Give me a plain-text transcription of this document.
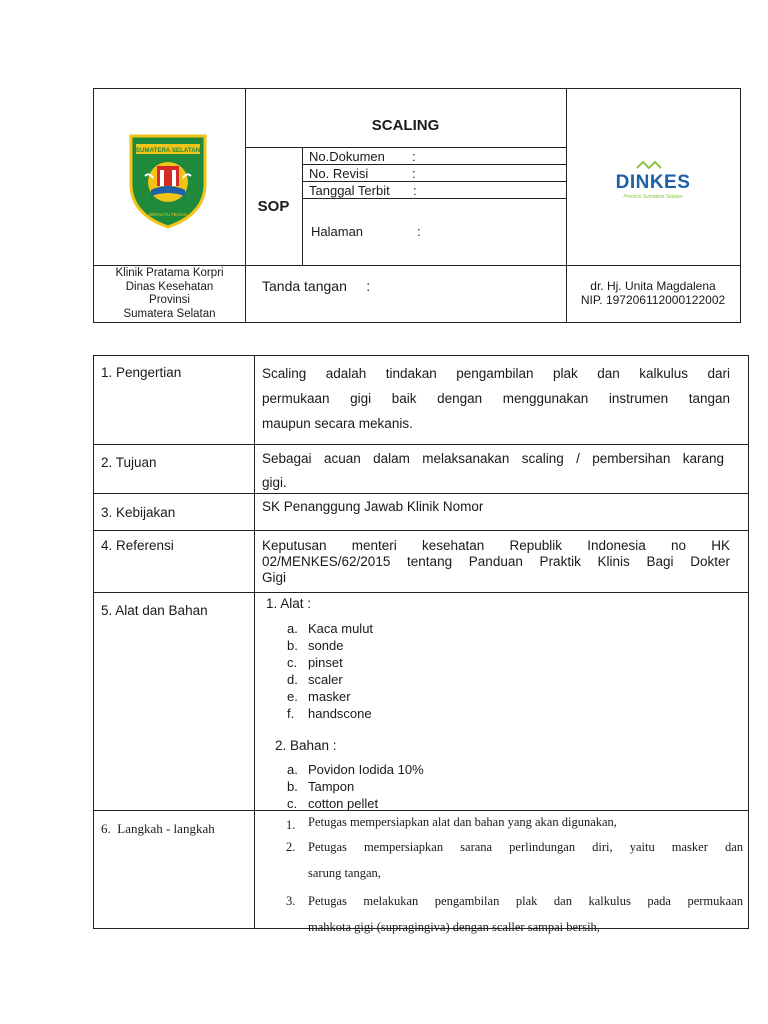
SUMATERA SELATAN
BERSATU TEGUH
SCALING
SOP
No.Dokumen :
No. Revisi	:
Tanggal Terbit :
Halaman	:
DINKES
Provinsi Sumatera Selatan
Klinik Pratama Korpri
Dinas Kesehatan
Provinsi
Sumatera Selatan
Tanda tangan     :	dr. Hj. Unita Magdalena
NIP. 197206112000122002
1. Pengertian	Scaling adalah tindakan pengambilan plak dan kalkulus dari
permukaan gigi baik dengan menggunakan instrumen tangan
maupun secara mekanis.
2. Tujuan	Sebagai acuan dalam melaksanakan scaling / pembersihan karang
gigi.
3. Kebijakan	SK Penanggung Jawab Klinik Nomor
4. Referensi	Keputusan menteri kesehatan Republik Indonesia no HK
02/MENKES/62/2015 tentang Panduan Praktik Klinis Bagi Dokter
Gigi
5. Alat dan Bahan	1. Alat :
a. Kaca mulut
b. sonde
c. pinset
d. scaler
e. masker
f. handscone
2. Bahan :
a. Povidon Iodida 10%
b. Tampon
c. cotton pellet
6.  Langkah - langkah	1. Petugas mempersiapkan alat dan bahan yang akan digunakan,
2. Petugas mempersiapkan sarana perlindungan diri, yaitu masker dan
sarung tangan,
3. Petugas melakukan pengambilan plak dan kalkulus pada permukaan
mahkota gigi (supragingiva) dengan scaller sampai bersih,
